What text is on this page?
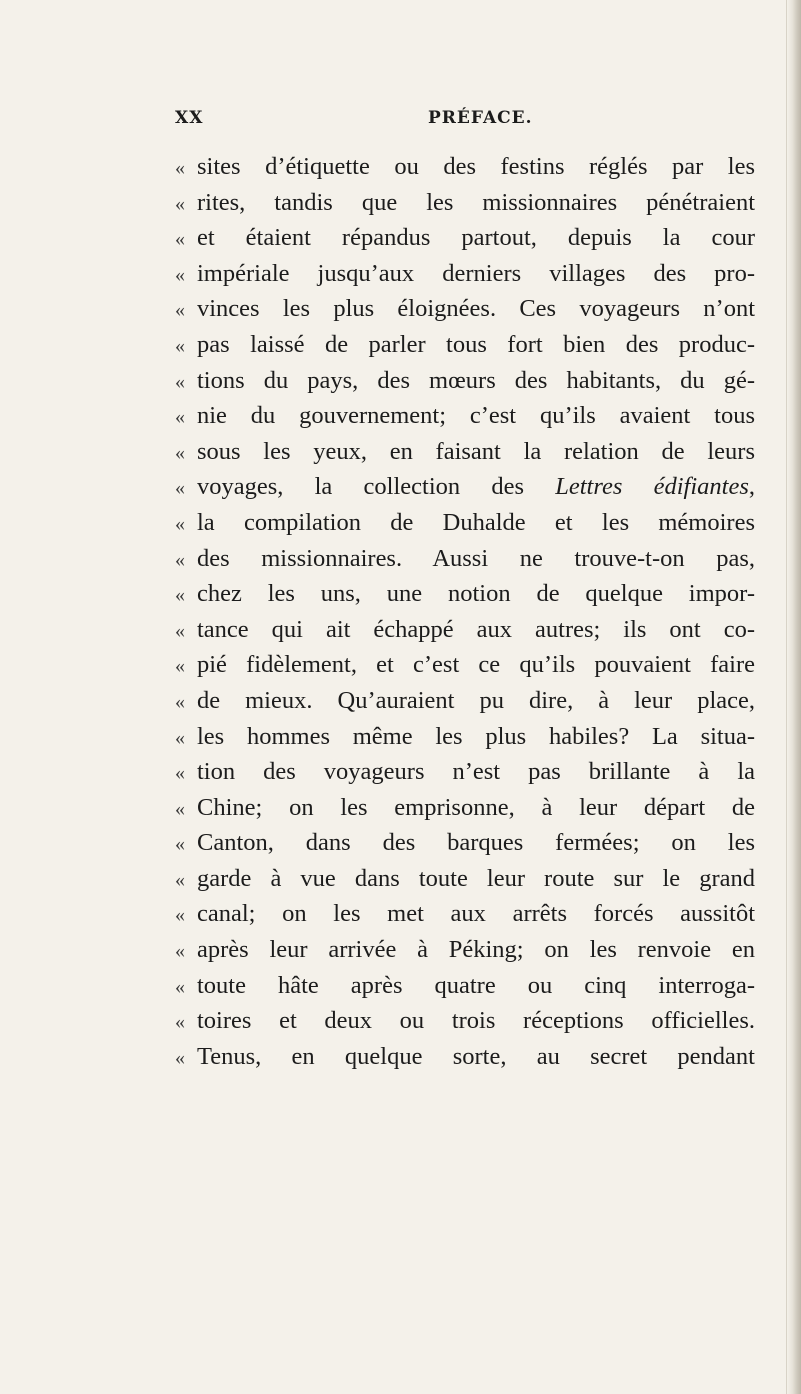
XX	PRÉFACE.
« sites d’étiquette ou des festins réglés par les
« rites, tandis que les missionnaires pénétraient
« et étaient répandus partout, depuis la cour
« impériale jusqu’aux derniers villages des pro-
« vinces les plus éloignées. Ces voyageurs n’ont
« pas laissé de parler tous fort bien des produc-
« tions du pays, des mœurs des habitants, du gé-
« nie du gouvernement; c’est qu’ils avaient tous
« sous les yeux, en faisant la relation de leurs
« voyages, la collection des Lettres édifiantes,
« la compilation de Duhalde et les mémoires
« des missionnaires. Aussi ne trouve-t-on pas,
« chez les uns, une notion de quelque impor-
« tance qui ait échappé aux autres; ils ont co-
« pié fidèlement, et c’est ce qu’ils pouvaient faire
« de mieux. Qu’auraient pu dire, à leur place,
« les hommes même les plus habiles? La situa-
« tion des voyageurs n’est pas brillante à la
« Chine; on les emprisonne, à leur départ de
« Canton, dans des barques fermées; on les
« garde à vue dans toute leur route sur le grand
« canal; on les met aux arrêts forcés aussitôt
« après leur arrivée à Péking; on les renvoie en
« toute hâte après quatre ou cinq interroga-
« toires et deux ou trois réceptions officielles.
« Tenus, en quelque sorte, au secret pendant
